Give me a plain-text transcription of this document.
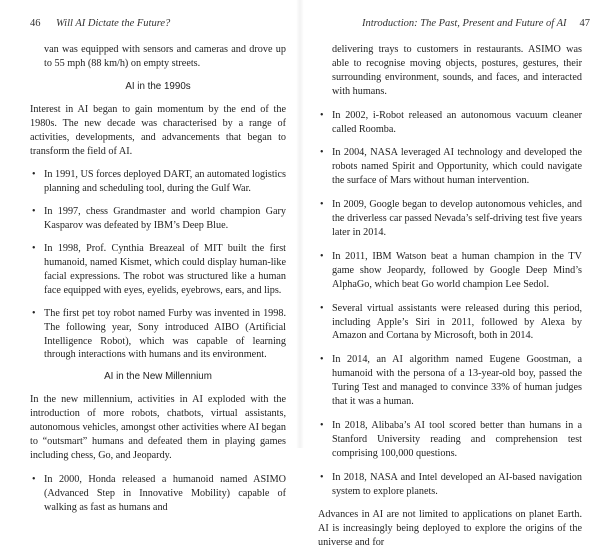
46 Will AI Dictate the Future?

van was equipped with sensors and cameras and drove up to 55 mph (88 km/h) on empty streets.

AI in the 1990s

Interest in AI began to gain momentum by the end of the 1980s. The new decade was characterised by a range of activities, developments, and advancements that began to transform the field of AI.

• In 1991, US forces deployed DART, an automated logistics planning and scheduling tool, during the Gulf War.
• In 1997, chess Grandmaster and world champion Gary Kasparov was defeated by IBM’s Deep Blue.
• In 1998, Prof. Cynthia Breazeal of MIT built the first humanoid, named Kismet, which could display human-like facial expressions. The robot was structured like a human face equipped with eyes, eyelids, eyebrows, ears, and lips.
• The first pet toy robot named Furby was invented in 1998. The following year, Sony introduced AIBO (Artificial Intelligence Robot), which was capable of learning through interactions with humans and its environment.
AI in the New Millennium

In the new millennium, activities in AI exploded with the introduction of more robots, chatbots, virtual assistants, autonomous vehicles, amongst other activities where AI began to “outsmart” humans and defeated them in playing games including chess, Go, and Jeopardy.

• In 2000, Honda released a humanoid named ASIMO (Advanced Step in Innovative Mobility) capable of walking as fast as humans and
Introduction: The Past, Present and Future of AI 47

delivering trays to customers in restaurants. ASIMO was able to recognise moving objects, postures, gestures, their surrounding environment, sounds, and faces, and interacted with humans.

• In 2002, i-Robot released an autonomous vacuum cleaner called Roomba.
• In 2004, NASA leveraged AI technology and developed the robots named Spirit and Opportunity, which could navigate the surface of Mars without human intervention.
• In 2009, Google began to develop autonomous vehicles, and the driverless car passed Nevada’s self-driving test five years later in 2014.
• In 2011, IBM Watson beat a human champion in the TV game show Jeopardy, followed by Google Deep Mind’s AlphaGo, which beat Go world champion Lee Sedol.
• Several virtual assistants were released during this period, including Apple’s Siri in 2011, followed by Alexa by Amazon and Cortana by Microsoft, both in 2014.
• In 2014, an AI algorithm named Eugene Goostman, a humanoid with the persona of a 13-year-old boy, passed the Turing Test and managed to convince 33% of human judges that it was a human.
• In 2018, Alibaba’s AI tool scored better than humans in a Stanford University reading and comprehension test comprising 100,000 questions.
• In 2018, NASA and Intel developed an AI-based navigation system to explore planets.

Advances in AI are not limited to applications on planet Earth. AI is increasingly being deployed to explore the origins of the universe and for
